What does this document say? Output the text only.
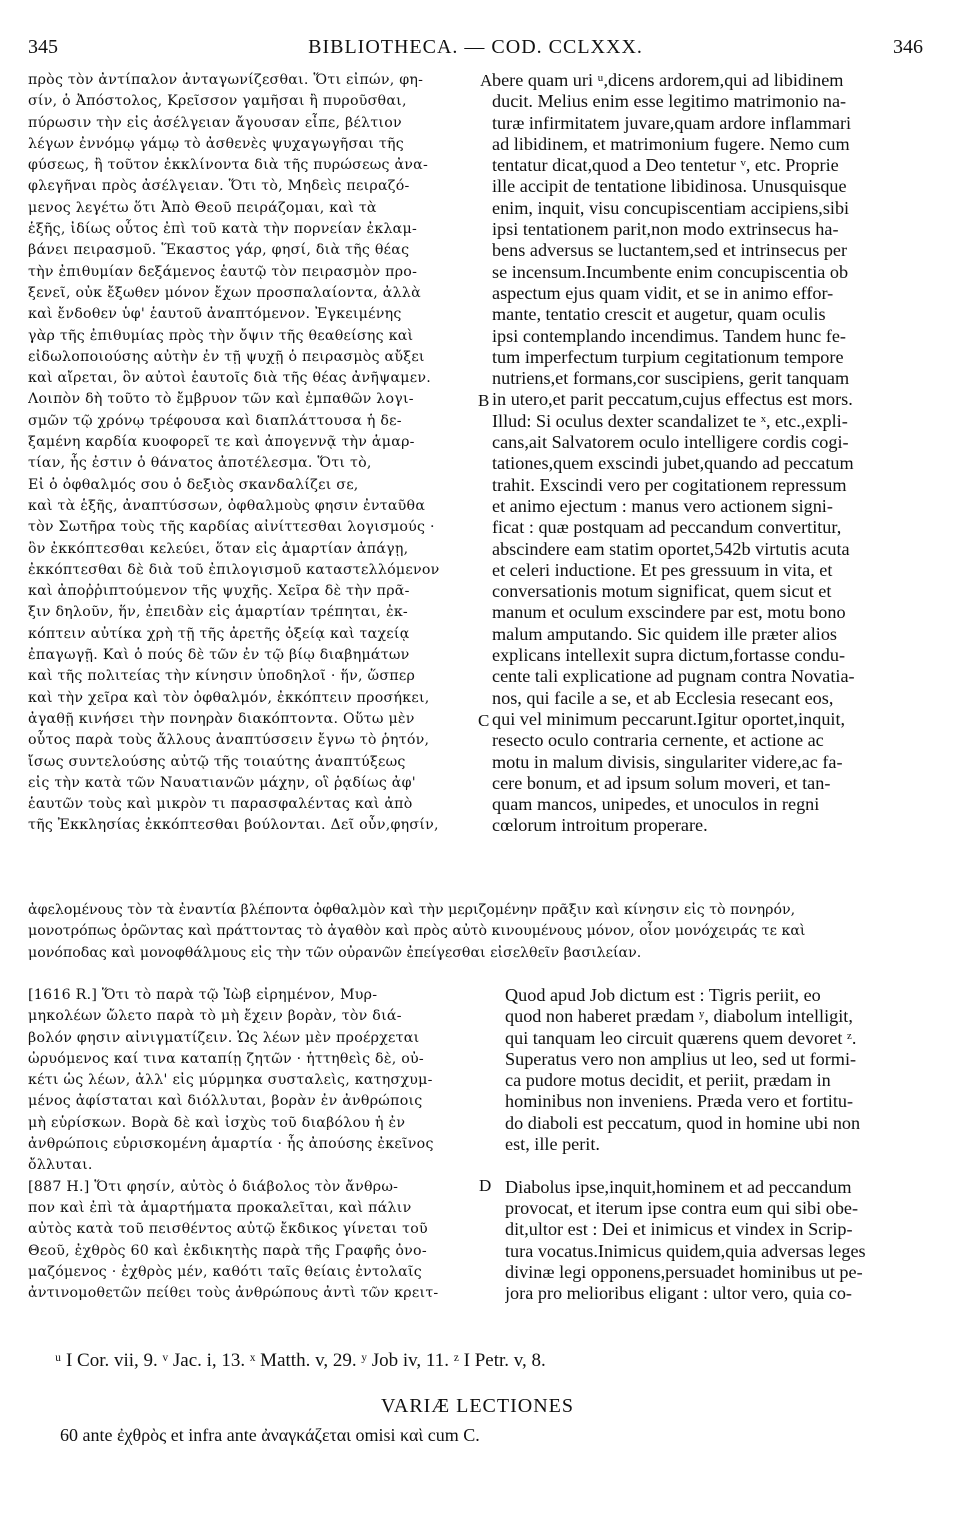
345	BIBLIOTHECA. — COD. CCLXXX.	346
πρὸς τὸν ἀντίπαλον ἀνταγωνίζεσθαι. Ὅτι εἰπών, φη-
σίν, ὁ Ἀπόστολος, Κρεῖσσον γαμῆσαι ἢ πυροῦσθαι,
πύρωσιν τὴν εἰς ἀσέλγειαν ἄγουσαν εἶπε, βέλτιον
λέγων ἐννόμῳ γάμῳ τὸ ἀσθενὲς ψυχαγωγῆσαι τῆς
φύσεως, ἢ τοῦτον ἐκκλίνοντα διὰ τῆς πυρώσεως ἀνα-
φλεγῆναι πρὸς ἀσέλγειαν. Ὅτι τὸ, Μηδεὶς πειραζό-
μενος λεγέτω ὅτι Ἀπὸ Θεοῦ πειράζομαι, καὶ τὰ
ἑξῆς, ἰδίως οὗτος ἐπὶ τοῦ κατὰ τὴν πορνείαν ἐκλαμ-
βάνει πειρασμοῦ. Ἕκαστος γάρ, φησί, διὰ τῆς θέας
τὴν ἐπιθυμίαν δεξάμενος ἑαυτῷ τὸν πειρασμὸν προ-
ξενεῖ, οὐκ ἔξωθεν μόνον ἔχων προσπαλαίοντα, ἀλλὰ
καὶ ἔνδοθεν ὑφ' ἑαυτοῦ ἀναπτόμενον. Ἐγκειμένης
γὰρ τῆς ἐπιθυμίας πρὸς τὴν ὄψιν τῆς θεαθείσης καὶ
εἰδωλοποιούσης αὐτὴν ἐν τῇ ψυχῇ ὁ πειρασμὸς αὔξει
καὶ αἴρεται, ὃν αὐτοὶ ἑαυτοῖς διὰ τῆς θέας ἀνῆψαμεν.
Λοιπὸν δὴ τοῦτο τὸ ἔμβρυον τῶν καὶ ἐμπαθῶν λογι-
σμῶν τῷ χρόνῳ τρέφουσα καὶ διαπλάττουσα ἡ δε-
ξαμένη καρδία κυοφορεῖ τε καὶ ἀπογεννᾷ τὴν ἁμαρ-
τίαν, ἧς ἐστιν ὁ θάνατος ἀποτέλεσμα. Ὅτι τὸ,
Εἰ ὁ ὀφθαλμός σου ὁ δεξιὸς σκανδαλίζει σε,
καὶ τὰ ἑξῆς, ἀναπτύσσων, ὀφθαλμοὺς φησιν ἐνταῦθα
τὸν Σωτῆρα τοὺς τῆς καρδίας αἰνίττεσθαι λογισμούς ·
ὃν ἐκκόπτεσθαι κελεύει, ὅταν εἰς ἁμαρτίαν ἀπάγῃ,
ἐκκόπτεσθαι δὲ διὰ τοῦ ἐπιλογισμοῦ καταστελλόμενον
καὶ ἀποῤῥιπτούμενον τῆς ψυχῆς. Χεῖρα δὲ τὴν πρᾶ-
ξιν δηλοῦν, ἥν, ἐπειδὰν εἰς ἁμαρτίαν τρέπηται, ἐκ-
κόπτειν αὐτίκα χρὴ τῇ τῆς ἀρετῆς ὀξείᾳ καὶ ταχείᾳ
ἐπαγωγῇ. Καὶ ὁ πούς δὲ τῶν ἐν τῷ βίῳ διαβημάτων
καὶ τῆς πολιτείας τὴν κίνησιν ὑποδηλοῖ · ἥν, ὥσπερ
καὶ τὴν χεῖρα καὶ τὸν ὀφθαλμόν, ἐκκόπτειν προσήκει,
ἀγαθῇ κινήσει τὴν πονηρὰν διακόπτοντα. Οὕτω μὲν
οὗτος παρὰ τοὺς ἄλλους ἀναπτύσσειν ἔγνω τὸ ῥητόν,
ἴσως συντελούσης αὐτῷ τῆς τοιαύτης ἀναπτύξεως
εἰς τὴν κατὰ τῶν Ναυατιανῶν μάχην, οἳ ῥᾳδίως ἀφ'
ἑαυτῶν τοὺς καὶ μικρὸν τι παρασφαλέντας καὶ ἀπὸ
τῆς Ἐκκλησίας ἐκκόπτεσθαι βούλονται. Δεῖ οὖν,φησίν,
bere quam uri ᵘ,dicens ardorem,qui ad libidinem
ducit. Melius enim esse legitimo matrimonio na-
turæ infirmitatem juvare,quam ardore inflammari
ad libidinem, et matrimonium fugere. Nemo cum
tentatur dicat,quod a Deo tentetur ᵛ, etc. Proprie
ille accipit de tentatione libidinosa. Unusquisque
enim, inquit, visu concupiscentiam accipiens,sibi
ipsi tentationem parit,non modo extrinsecus ha-
bens adversus se luctantem,sed et intrinsecus per
se incensum.Incumbente enim concupiscentia ob
aspectum ejus quam vidit, et se in animo effor-
mante, tentatio crescit et augetur, quam oculis
ipsi contemplando incendimus. Tandem hunc fe-
tum imperfectum turpium cegitationum tempore
nutriens,et formans,cor suscipiens, gerit tanquam
in utero,et parit peccatum,cujus effectus est mors.
Illud: Si oculus dexter scandalizet te ˣ, etc.,expli-
cans,ait Salvatorem oculo intelligere cordis cogi-
tationes,quem exscindi jubet,quando ad peccatum
trahit. Exscindi vero per cogitationem repressum
et animo ejectum : manus vero actionem signi-
ficat : quæ postquam ad peccandum convertitur,
abscindere eam statim oportet,542b virtutis acuta
et celeri inductione. Et pes gressuum in vita, et
conversationis motum significat, quem sicut et
manum et oculum exscindere par est, motu bono
malum amputando. Sic quidem ille præter alios
explicans intellexit supra dictum,fortasse condu-
cente tali explicatione ad pugnam contra Novatia-
nos, qui facile a se, et ab Ecclesia resecant eos,
qui vel minimum peccarunt.Igitur oportet,inquit,
resecto oculo contraria cernente, et actione ac
motu in malum divisis, singulariter videre,ac fa-
cere bonum, et ad ipsum solum moveri, et tan-
quam mancos, unipedes, et unoculos in regni
cœlorum introitum properare.
ἀφελομένους τὸν τὰ ἐναντία βλέποντα ὀφθαλμὸν καὶ τὴν μεριζομένην πρᾶξιν καὶ κίνησιν εἰς τὸ πονηρόν,
μονοτρόπως ὁρῶντας καὶ πράττοντας τὸ ἀγαθὸν καὶ πρὸς αὐτὸ κινουμένους μόνον, οἷον μονόχειράς τε καὶ
μονόποδας καὶ μονοφθάλμους εἰς τὴν τῶν οὐρανῶν ἐπείγεσθαι εἰσελθεῖν βασιλείαν.
[1616 R.] Ὅτι τὸ παρὰ τῷ Ἰὼβ εἰρημένον, Μυρ-
μηκολέων ὤλετο παρὰ τὸ μὴ ἔχειν βορὰν, τὸν διά-
βολόν φησιν αἰνιγματίζειν. Ὡς λέων μὲν προέρχεται
ὠρυόμενος καί τινα καταπίῃ ζητῶν · ἡττηθεὶς δὲ, οὐ-
κέτι ὡς λέων, ἀλλ' εἰς μύρμηκα συσταλεὶς, κατησχυμ-
μένος ἀφίσταται καὶ διόλλυται, βορὰν ἐν ἀνθρώποις
μὴ εὑρίσκων. Βορὰ δὲ καὶ ἰσχὺς τοῦ διαβόλου ἡ ἐν
ἀνθρώποις εὑρισκομένη ἁμαρτία · ἧς ἀπούσης ἐκεῖνος
ὄλλυται.
[887 H.] Ὅτι φησίν, αὐτὸς ὁ διάβολος τὸν ἄνθρω-
πον καὶ ἐπὶ τὰ ἁμαρτήματα προκαλεῖται, καὶ πάλιν
αὐτὸς κατὰ τοῦ πεισθέντος αὐτῷ ἔκδικος γίνεται τοῦ
Θεοῦ, ἐχθρὸς 60 καὶ ἐκδικητὴς παρὰ τῆς Γραφῆς ὀνο-
μαζόμενος · ἐχθρὸς μέν, καθότι ταῖς θείαις ἐντολαῖς
ἀντινομοθετῶν πείθει τοὺς ἀνθρώπους ἀντὶ τῶν κρειτ-
Quod apud Job dictum est : Tigris periit, eo
quod non haberet prædam ʸ, diabolum intelligit,
qui tanquam leo circuit quærens quem devoret ᶻ.
Superatus vero non amplius ut leo, sed ut formi-
ca pudore motus decidit, et periit, prædam in
hominibus non inveniens. Præda vero et fortitu-
do diaboli est peccatum, quod in homine ubi non
est, ille perit.

Diabolus ipse,inquit,hominem et ad peccandum
provocat, et iterum ipse contra eum qui sibi obe-
dit,ultor est : Dei et inimicus et vindex in Scrip-
tura vocatus.Inimicus quidem,quia adversas leges
divinæ legi opponens,persuadet hominibus ut pe-
jora pro melioribus eligant : ultor vero, quia co-
A
B
C
D
ᵘ I Cor. vii, 9. ᵛ Jac. i, 13. ˣ Matth. v, 29. ʸ Job iv, 11. ᶻ I Petr. v, 8.
VARIÆ LECTIONES
60 ante ἐχθρὸς et infra ante ἀναγκάζεται omisi καὶ cum C.
